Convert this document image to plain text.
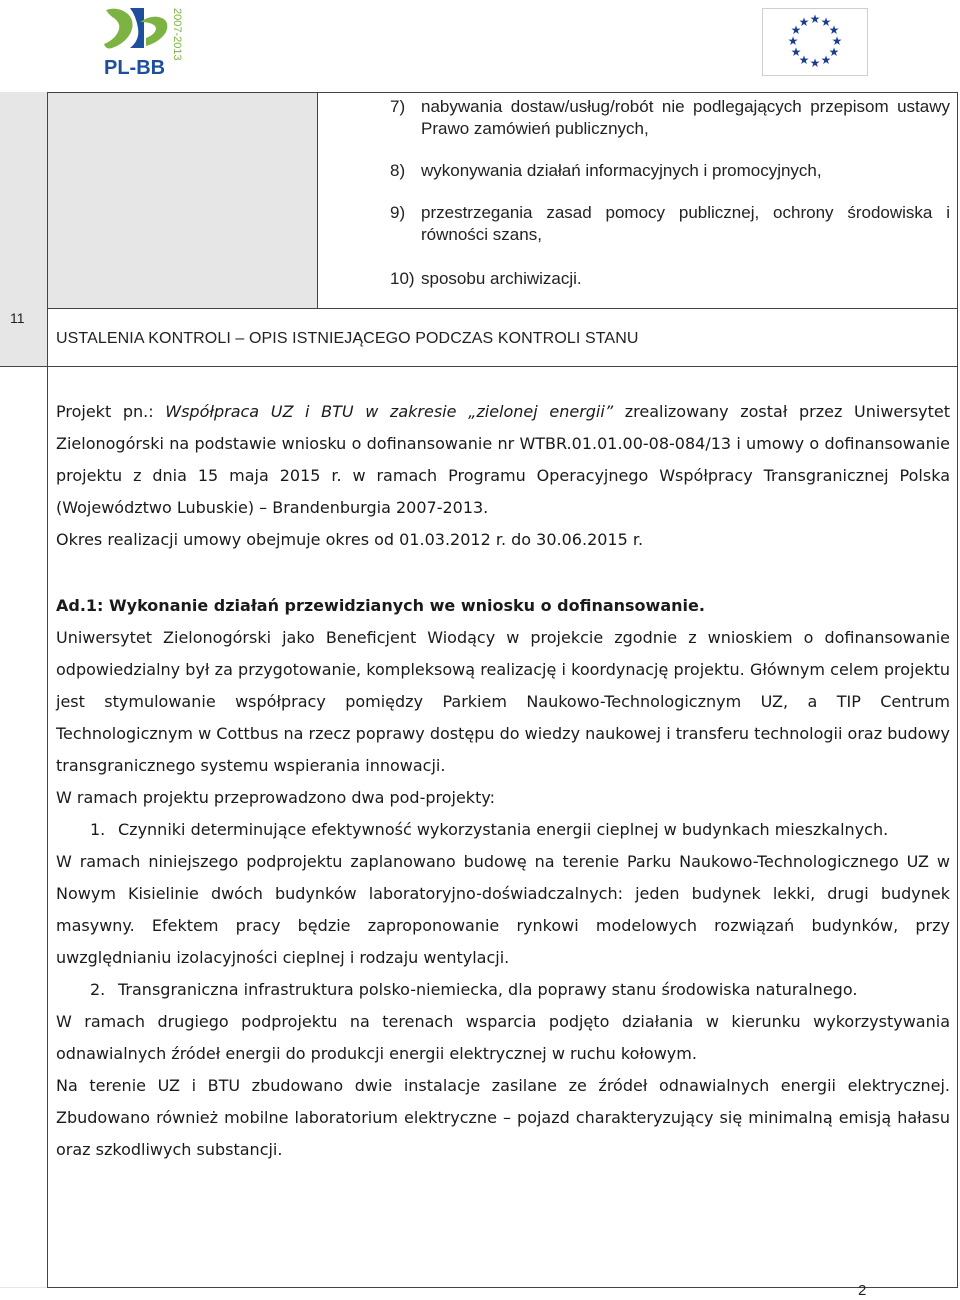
2007-2013
PL-BB
★ ★
★
★
★
★
★
★
★
★
★
★
7) nabywania dostaw/usług/robót nie podlegających przepisom ustawy Prawo zamówień publicznych,
8) wykonywania działań informacyjnych i promocyjnych,
9) przestrzegania zasad pomocy publicznej, ochrony środowiska i równości szans,
10) sposobu archiwizacji.
11
USTALENIA KONTROLI – OPIS ISTNIEJĄCEGO PODCZAS KONTROLI STANU

Projekt pn.: Współpraca UZ i BTU w zakresie „zielonej energii” zrealizowany został przez Uniwersytet Zielonogórski na podstawie wniosku o dofinansowanie nr WTBR.01.01.00-08-084/13 i umowy o dofinansowanie projektu z dnia 15 maja 2015 r. w ramach Programu Operacyjnego Współpracy Transgranicznej Polska (Województwo Lubuskie) – Brandenburgia 2007-2013.

Okres realizacji umowy obejmuje okres od 01.03.2012 r. do 30.06.2015 r.

Ad.1: Wykonanie działań przewidzianych we wniosku o dofinansowanie.

Uniwersytet Zielonogórski jako Beneficjent Wiodący w projekcie zgodnie z wnioskiem o dofinansowanie odpowiedzialny był za przygotowanie, kompleksową realizację i koordynację projektu. Głównym celem projektu jest stymulowanie współpracy pomiędzy Parkiem Naukowo-Technologicznym UZ, a TIP Centrum Technologicznym w Cottbus na rzecz poprawy dostępu do wiedzy naukowej i transferu technologii oraz budowy transgranicznego systemu wspierania innowacji.

W ramach projektu przeprowadzono dwa pod-projekty:

1. Czynniki determinujące efektywność wykorzystania energii cieplnej w budynkach mieszkalnych.

W ramach niniejszego podprojektu zaplanowano budowę na terenie Parku Naukowo-Technologicznego UZ w Nowym Kisielinie dwóch budynków laboratoryjno-doświadczalnych: jeden budynek lekki, drugi budynek masywny. Efektem pracy będzie zaproponowanie rynkowi modelowych rozwiązań budynków, przy uwzględnianiu izolacyjności cieplnej i rodzaju wentylacji.

2. Transgraniczna infrastruktura polsko-niemiecka, dla poprawy stanu środowiska naturalnego.

W ramach drugiego podprojektu na terenach wsparcia podjęto działania w kierunku wykorzystywania odnawialnych źródeł energii do produkcji energii elektrycznej w ruchu kołowym.

Na terenie UZ i BTU zbudowano dwie instalacje zasilane ze źródeł odnawialnych energii elektrycznej. Zbudowano również mobilne laboratorium elektryczne – pojazd charakteryzujący się minimalną emisją hałasu oraz szkodliwych substancji.

2
